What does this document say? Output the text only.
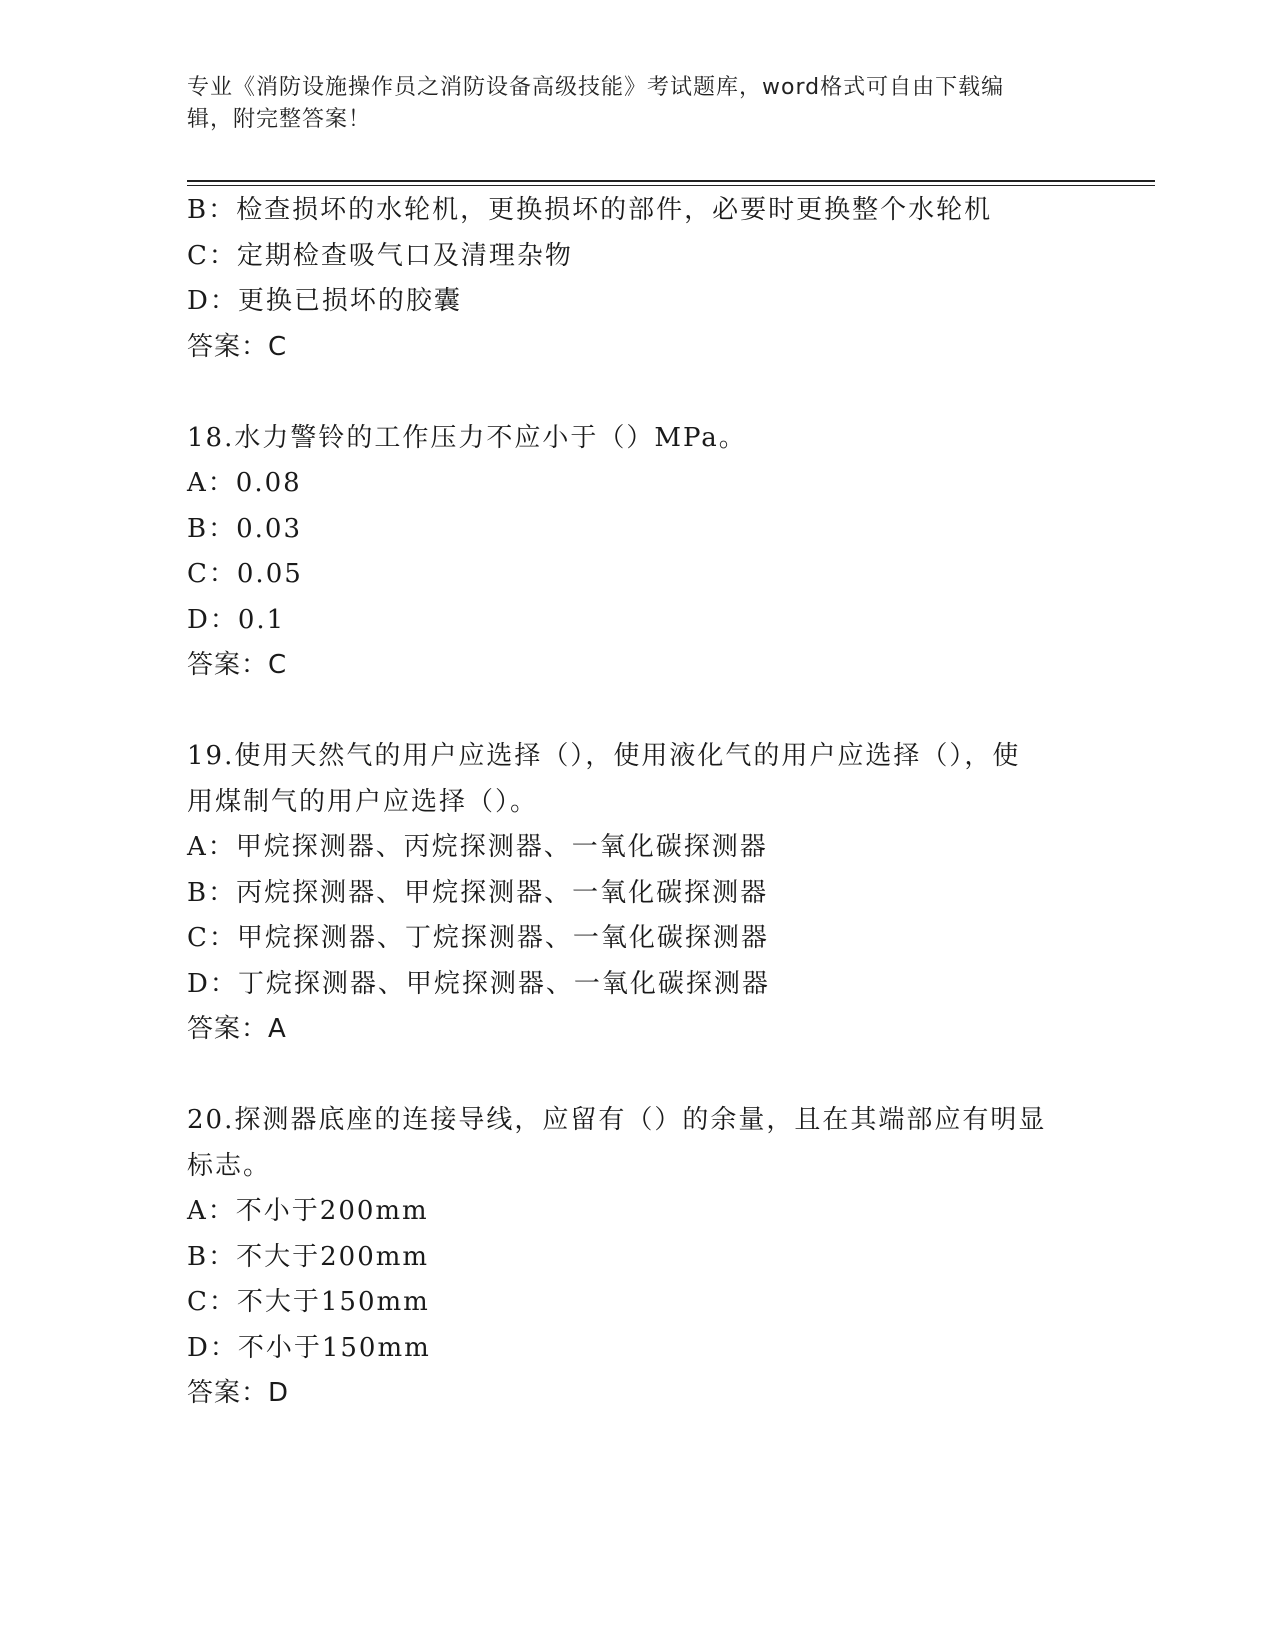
专业《消防设施操作员之消防设备高级技能》考试题库，word格式可自由下载编
辑，附完整答案！
B：检查损坏的水轮机，更换损坏的部件，必要时更换整个水轮机
C：定期检查吸气口及清理杂物
D：更换已损坏的胶囊
答案：C
18.水力警铃的工作压力不应小于（）MPa。
A：0.08
B：0.03
C：0.05
D：0.1
答案：C
19.使用天然气的用户应选择（），使用液化气的用户应选择（），使
用煤制气的用户应选择（）。
A：甲烷探测器、丙烷探测器、一氧化碳探测器
B：丙烷探测器、甲烷探测器、一氧化碳探测器
C：甲烷探测器、丁烷探测器、一氧化碳探测器
D：丁烷探测器、甲烷探测器、一氧化碳探测器
答案：A
20.探测器底座的连接导线，应留有（）的余量，且在其端部应有明显
标志。
A：不小于200mm
B：不大于200mm
C：不大于150mm
D：不小于150mm
答案：D
